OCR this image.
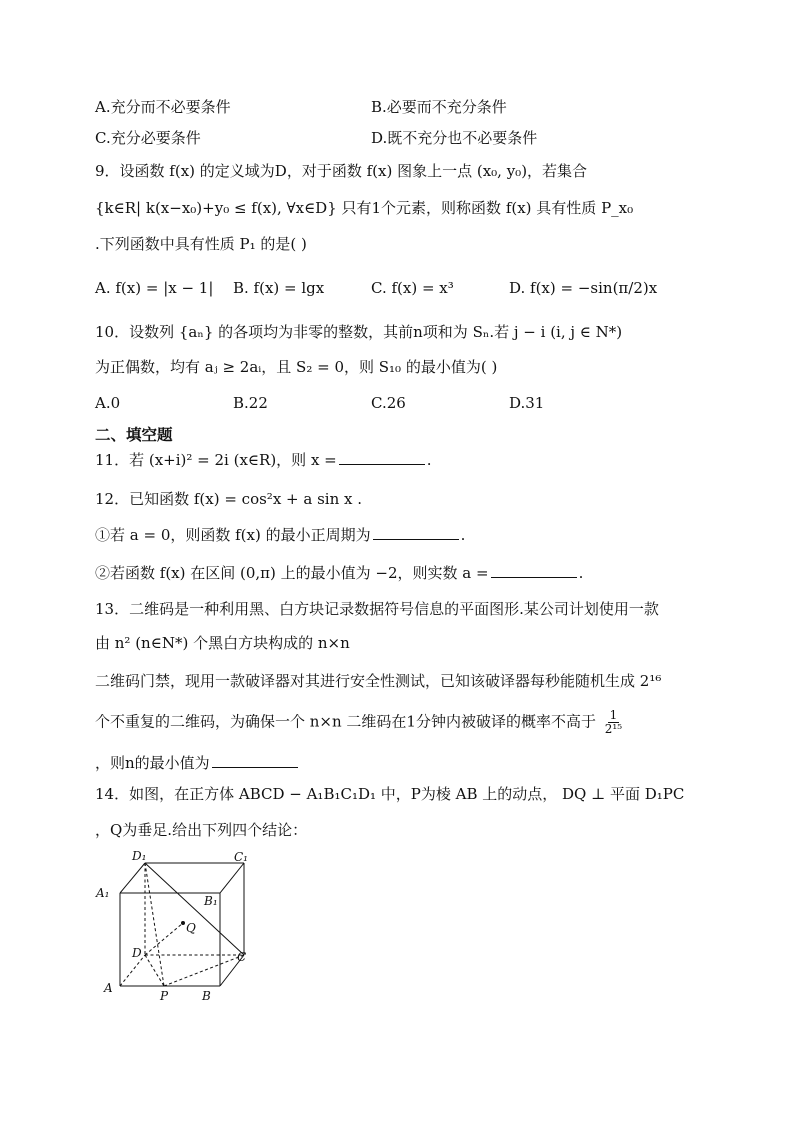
A.充分而不必要条件	B.必要而不充分条件
C.充分必要条件	D.既不充分也不必要条件
9．设函数 f(x) 的定义域为D，对于函数 f(x) 图象上一点 (x₀, y₀)，若集合
{k∈R| k(x−x₀)+y₀ ≤ f(x), ∀x∈D} 只有1个元素，则称函数 f(x) 具有性质 P_x₀
.下列函数中具有性质 P₁ 的是( )
A. f(x) = |x − 1| B. f(x) = lgx	C. f(x) = x³	D. f(x) = −sin(π/2)x
10．设数列 {aₙ} 的各项均为非零的整数，其前n项和为 Sₙ.若 j − i (i, j ∈ N*)
为正偶数，均有 aⱼ ≥ 2aᵢ，且 S₂ = 0，则 S₁₀ 的最小值为( )
A.0	B.22	C.26	D.31
二、填空题
11．若 (x+i)² = 2i (x∈R)，则 x =	.
12．已知函数 f(x) = cos²x + a sin x .
①若 a = 0，则函数 f(x) 的最小正周期为	.
②若函数 f(x) 在区间 (0,π) 上的最小值为 −2，则实数 a =	.
13．二维码是一种利用黑、白方块记录数据符号信息的平面图形.某公司计划使用一款
由 n² (n∈N*) 个黑白方块构成的 n×n
二维码门禁，现用一款破译器对其进行安全性测试，已知该破译器每秒能随机生成 2¹⁶
个不重复的二维码，为确保一个 n×n 二维码在1分钟内被破译的概率不高于 $\frac{1}{\text{2¹⁵}}$
，则n的最小值为
14．如图，在正方体 ABCD − A₁B₁C₁D₁ 中，P为棱 AB 上的动点， DQ ⊥ 平面 D₁PC
，Q为垂足.给出下列四个结论：
D₁	C₁
A₁
B₁
Q
D	C
A
P	B
